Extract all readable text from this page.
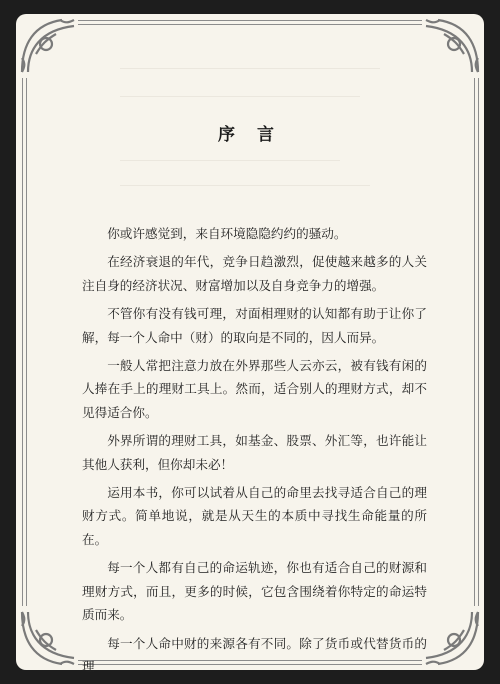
序 言

你或许感觉到，来自环境隐隐约约的骚动。

在经济衰退的年代，竞争日趋激烈，促使越来越多的人关注自身的经济状况、财富增加以及自身竞争力的增强。

不管你有没有钱可理，对面相理财的认知都有助于让你了解，每一个人命中（财）的取向是不同的，因人而异。

一般人常把注意力放在外界那些人云亦云，被有钱有闲的人捧在手上的理财工具上。然而，适合别人的理财方式，却不见得适合你。

外界所谓的理财工具，如基金、股票、外汇等，也许能让其他人获利，但你却未必！

运用本书，你可以试着从自己的命里去找寻适合自己的理财方式。简单地说，就是从天生的本质中寻找生命能量的所在。

每一个人都有自己的命运轨迹，你也有适合自己的财源和理财方式，而且，更多的时候，它包含围绕着你特定的命运特质而来。

每一个人命中财的来源各有不同。除了货币或代替货币的理
